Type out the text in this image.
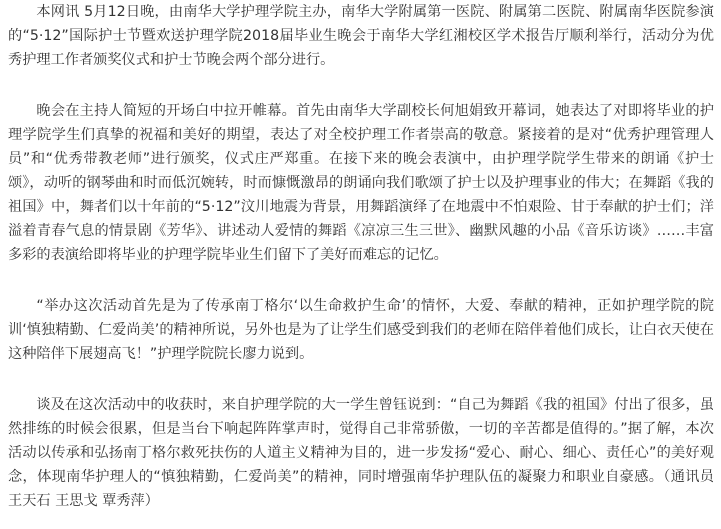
本网讯 5月12日晚，由南华大学护理学院主办，南华大学附属第一医院、附属第二医院、附属南华医院参演的“5·12”国际护士节暨欢送护理学院2018届毕业生晚会于南华大学红湘校区学术报告厅顺利举行，活动分为优秀护理工作者颁奖仪式和护士节晚会两个部分进行。

晚会在主持人简短的开场白中拉开帷幕。首先由南华大学副校长何旭娟致开幕词，她表达了对即将毕业的护理学院学生们真挚的祝福和美好的期望，表达了对全校护理工作者崇高的敬意。紧接着的是对“优秀护理管理人员”和“优秀带教老师”进行颁奖，仪式庄严郑重。在接下来的晚会表演中，由护理学院学生带来的朗诵《护士颂》，动听的钢琴曲和时而低沉婉转，时而慷慨激昂的朗诵向我们歌颂了护士以及护理事业的伟大；在舞蹈《我的祖国》中，舞者们以十年前的“5·12”汶川地震为背景，用舞蹈演绎了在地震中不怕艰险、甘于奉献的护士们；洋溢着青春气息的情景剧《芳华》、讲述动人爱情的舞蹈《凉凉三生三世》、幽默风趣的小品《音乐访谈》……丰富多彩的表演给即将毕业的护理学院毕业生们留下了美好而难忘的记忆。

“举办这次活动首先是为了传承南丁格尔‘以生命救护生命’的情怀，大爱、奉献的精神，正如护理学院的院训‘慎独精勤、仁爱尚美’的精神所说，另外也是为了让学生们感受到我们的老师在陪伴着他们成长，让白衣天使在这种陪伴下展翅高飞！”护理学院院长廖力说到。

谈及在这次活动中的收获时，来自护理学院的大一学生曾钰说到：“自己为舞蹈《我的祖国》付出了很多，虽然排练的时候会很累，但是当台下响起阵阵掌声时，觉得自己非常骄傲，一切的辛苦都是值得的。”据了解，本次活动以传承和弘扬南丁格尔救死扶伤的人道主义精神为目的，进一步发扬“爱心、耐心、细心、责任心”的美好观念，体现南华护理人的“慎独精勤，仁爱尚美”的精神，同时增强南华护理队伍的凝聚力和职业自豪感。（通讯员 王天石 王思戈 覃秀萍）
